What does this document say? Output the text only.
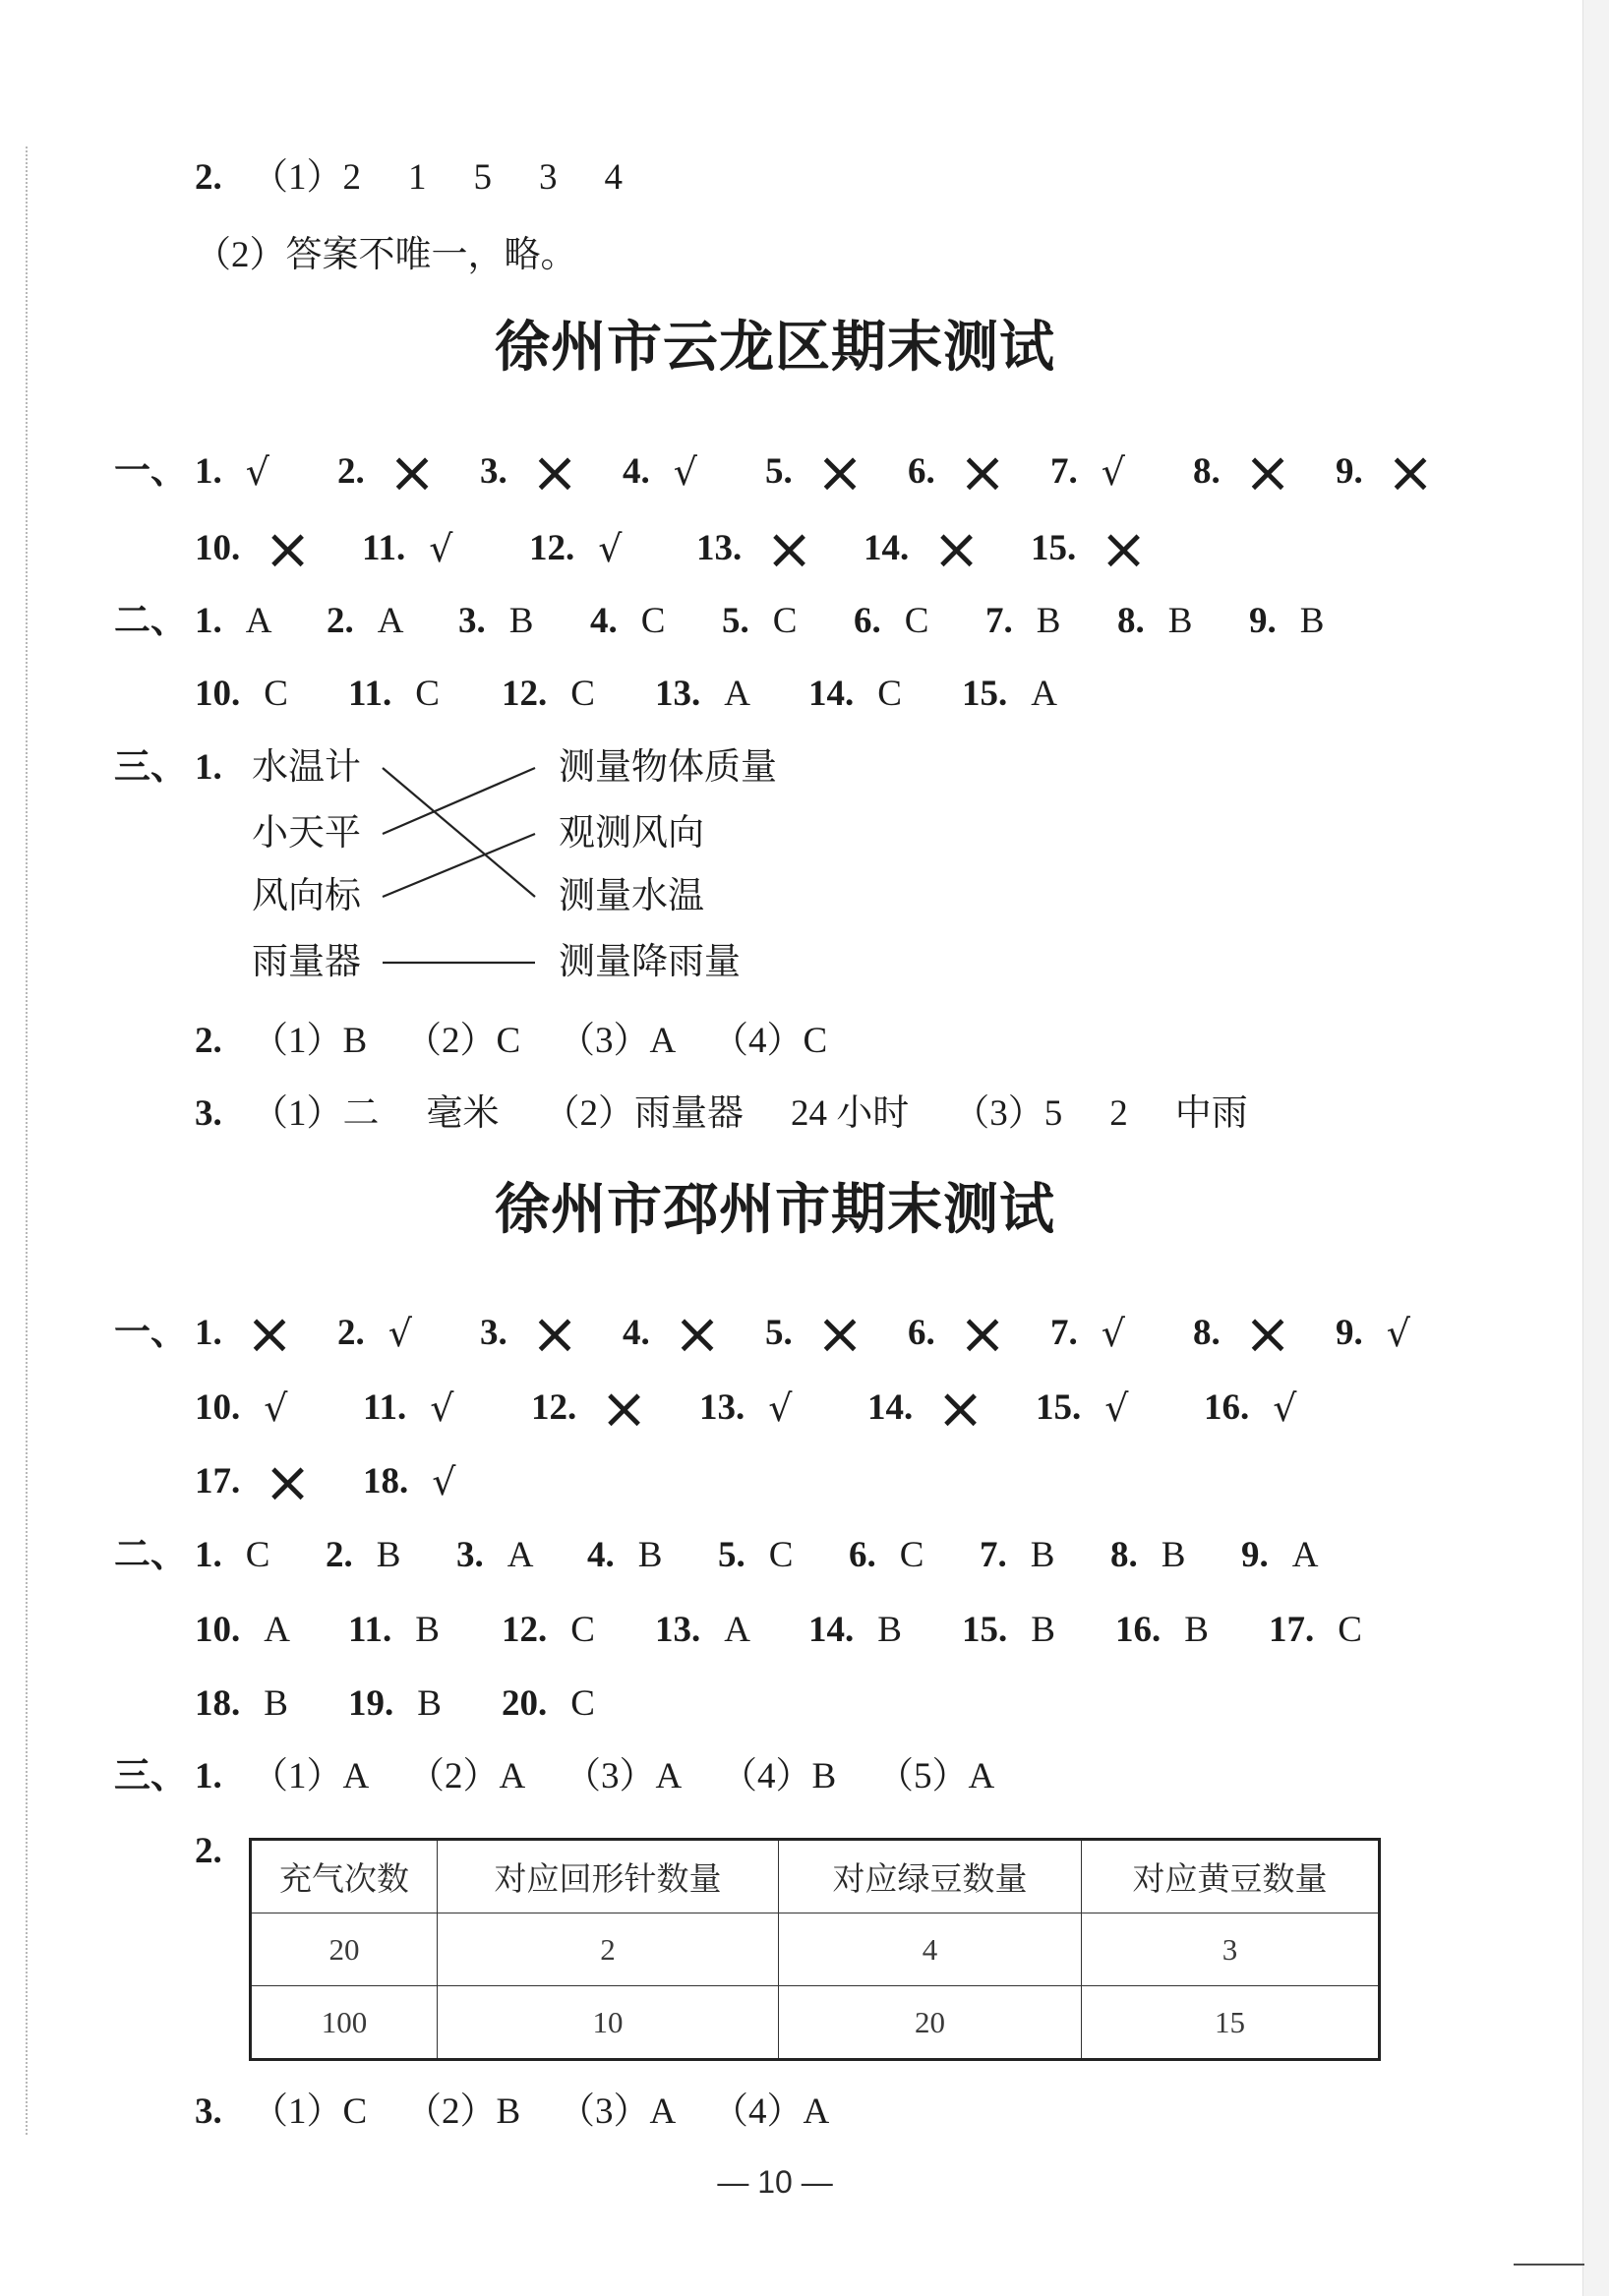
2. （1） 2 1 5 3 4
（2） 答案不唯一，略。
徐州市云龙区期末测试
一、 1. √ 2. × 3. × 4. √ 5. × 6. × 7. √ 8. × 9. ×
10. × 11. √ 12. √ 13. × 14. × 15. ×
二、 1. A 2. A 3. B 4. C 5. C 6. C 7. B 8. B 9. B
10. C 11. C 12. C 13. A 14. C 15. A
三、 1. 水温计
小天平
风向标
雨量器
测量物体质量
观测风向
测量水温
测量降雨量
2. （1） B （2） C （3） A （4） C
3. （1） 二 毫米 （2） 雨量器 24 小时 （3） 5 2 中雨
徐州市邳州市期末测试
一、 1. × 2. √ 3. × 4. × 5. × 6. × 7. √ 8. × 9. √
10. √ 11. √ 12. × 13. √ 14. × 15. √ 16. √
17. × 18. √
二、 1. C 2. B 3. A 4. B 5. C 6. C 7. B 8. B 9. A
10. A 11. B 12. C 13. A 14. B 15. B 16. B 17. C
18. B 19. B 20. C
三、 1. （1） A （2） A （3） A （4） B （5） A
2.
充气次数	对应回形针数量	对应绿豆数量	对应黄豆数量
20	2	4	3
100	10	20	15
3. （1） C （2） B （3） A （4） A
— 10 —
